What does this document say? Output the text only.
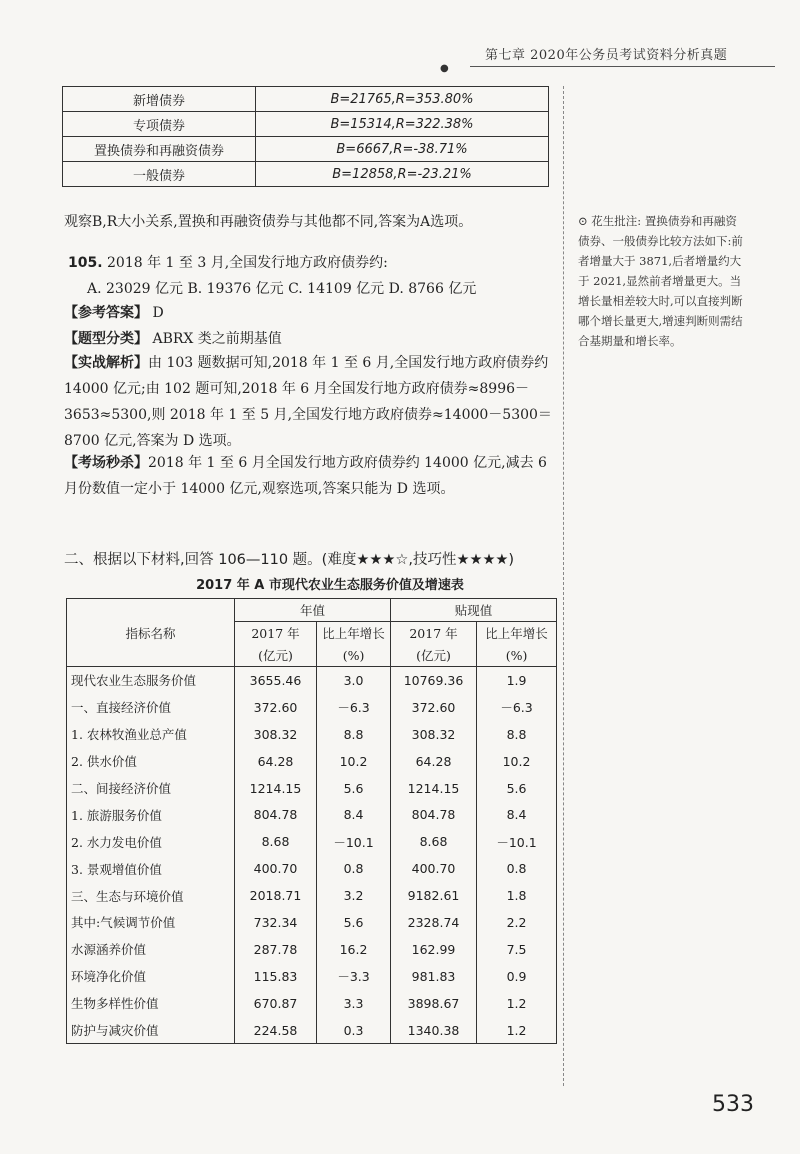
第七章 2020年公务员考试资料分析真题
●
新增债券	B=21765,R=353.80%
专项债券	B=15314,R=322.38%
置换债券和再融资债券	B=6667,R=-38.71%
一般债券	B=12858,R=-23.21%
观察B,R大小关系,置换和再融资债券与其他都不同,答案为A选项。
105. 2018 年 1 至 3 月,全国发行地方政府债券约:
A. 23029 亿元 B. 19376 亿元 C. 14109 亿元 D. 8766 亿元
【参考答案】 D
【题型分类】 ABRX 类之前期基值
【实战解析】由 103 题数据可知,2018 年 1 至 6 月,全国发行地方政府债券约 14000 亿元;由 102 题可知,2018 年 6 月全国发行地方政府债券≈8996－3653≈5300,则 2018 年 1 至 5 月,全国发行地方政府债券≈14000－5300＝8700 亿元,答案为 D 选项。
【考场秒杀】2018 年 1 至 6 月全国发行地方政府债券约 14000 亿元,减去 6 月份数值一定小于 14000 亿元,观察选项,答案只能为 D 选项。
⊙ 花生批注: 置换债券和再融资债券、一般债券比较方法如下:前者增量大于 3871,后者增量约大于 2021,显然前者增量更大。当增长量相差较大时,可以直接判断哪个增长量更大,增速判断则需结合基期量和增长率。
二、根据以下材料,回答 106—110 题。(难度★★★☆,技巧性★★★★)
2017 年 A 市现代农业生态服务价值及增速表
指标名称	年值		贴现值	
	2017 年	比上年增长	2017 年	比上年增长
	(亿元)	(%)	(亿元)	(%)
现代农业生态服务价值	3655.46	3.0	10769.36	1.9
一、直接经济价值	372.60	－6.3	372.60	－6.3
1. 农林牧渔业总产值	308.32	8.8	308.32	8.8
2. 供水价值	64.28	10.2	64.28	10.2
二、间接经济价值	1214.15	5.6	1214.15	5.6
1. 旅游服务价值	804.78	8.4	804.78	8.4
2. 水力发电价值	8.68	－10.1	8.68	－10.1
3. 景观增值价值	400.70	0.8	400.70	0.8
三、生态与环境价值	2018.71	3.2	9182.61	1.8
其中:气候调节价值	732.34	5.6	2328.74	2.2
水源涵养价值	287.78	16.2	162.99	7.5
环境净化价值	115.83	－3.3	981.83	0.9
生物多样性价值	670.87	3.3	3898.67	1.2
防护与减灾价值	224.58	0.3	1340.38	1.2
533
